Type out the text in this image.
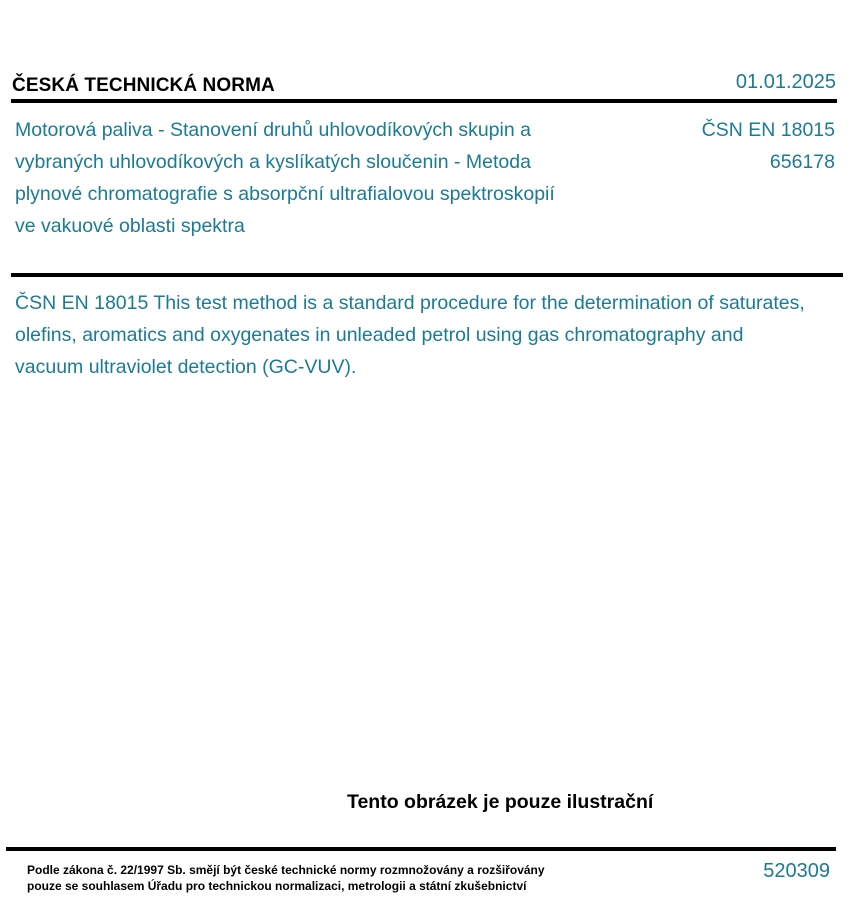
ČESKÁ TECHNICKÁ NORMA	01.01.2025
Motorová paliva - Stanovení druhů uhlovodíkových skupin a vybraných uhlovodíkových a kyslíkatých sloučenin - Metoda plynové chromatografie s absorpční ultrafialovou spektroskopií ve vakuové oblasti spektra
ČSN EN 18015
656178
ČSN EN 18015 This test method is a standard procedure for the determination of saturates, olefins, aromatics and oxygenates in unleaded petrol using gas chromatography and vacuum ultraviolet detection (GC-VUV).
Tento obrázek je pouze ilustrační
Podle zákona č. 22/1997 Sb. smějí být české technické normy rozmnožovány a rozšiřovány
pouze se souhlasem Úřadu pro technickou normalizaci, metrologii a státní zkušebnictví
520309
